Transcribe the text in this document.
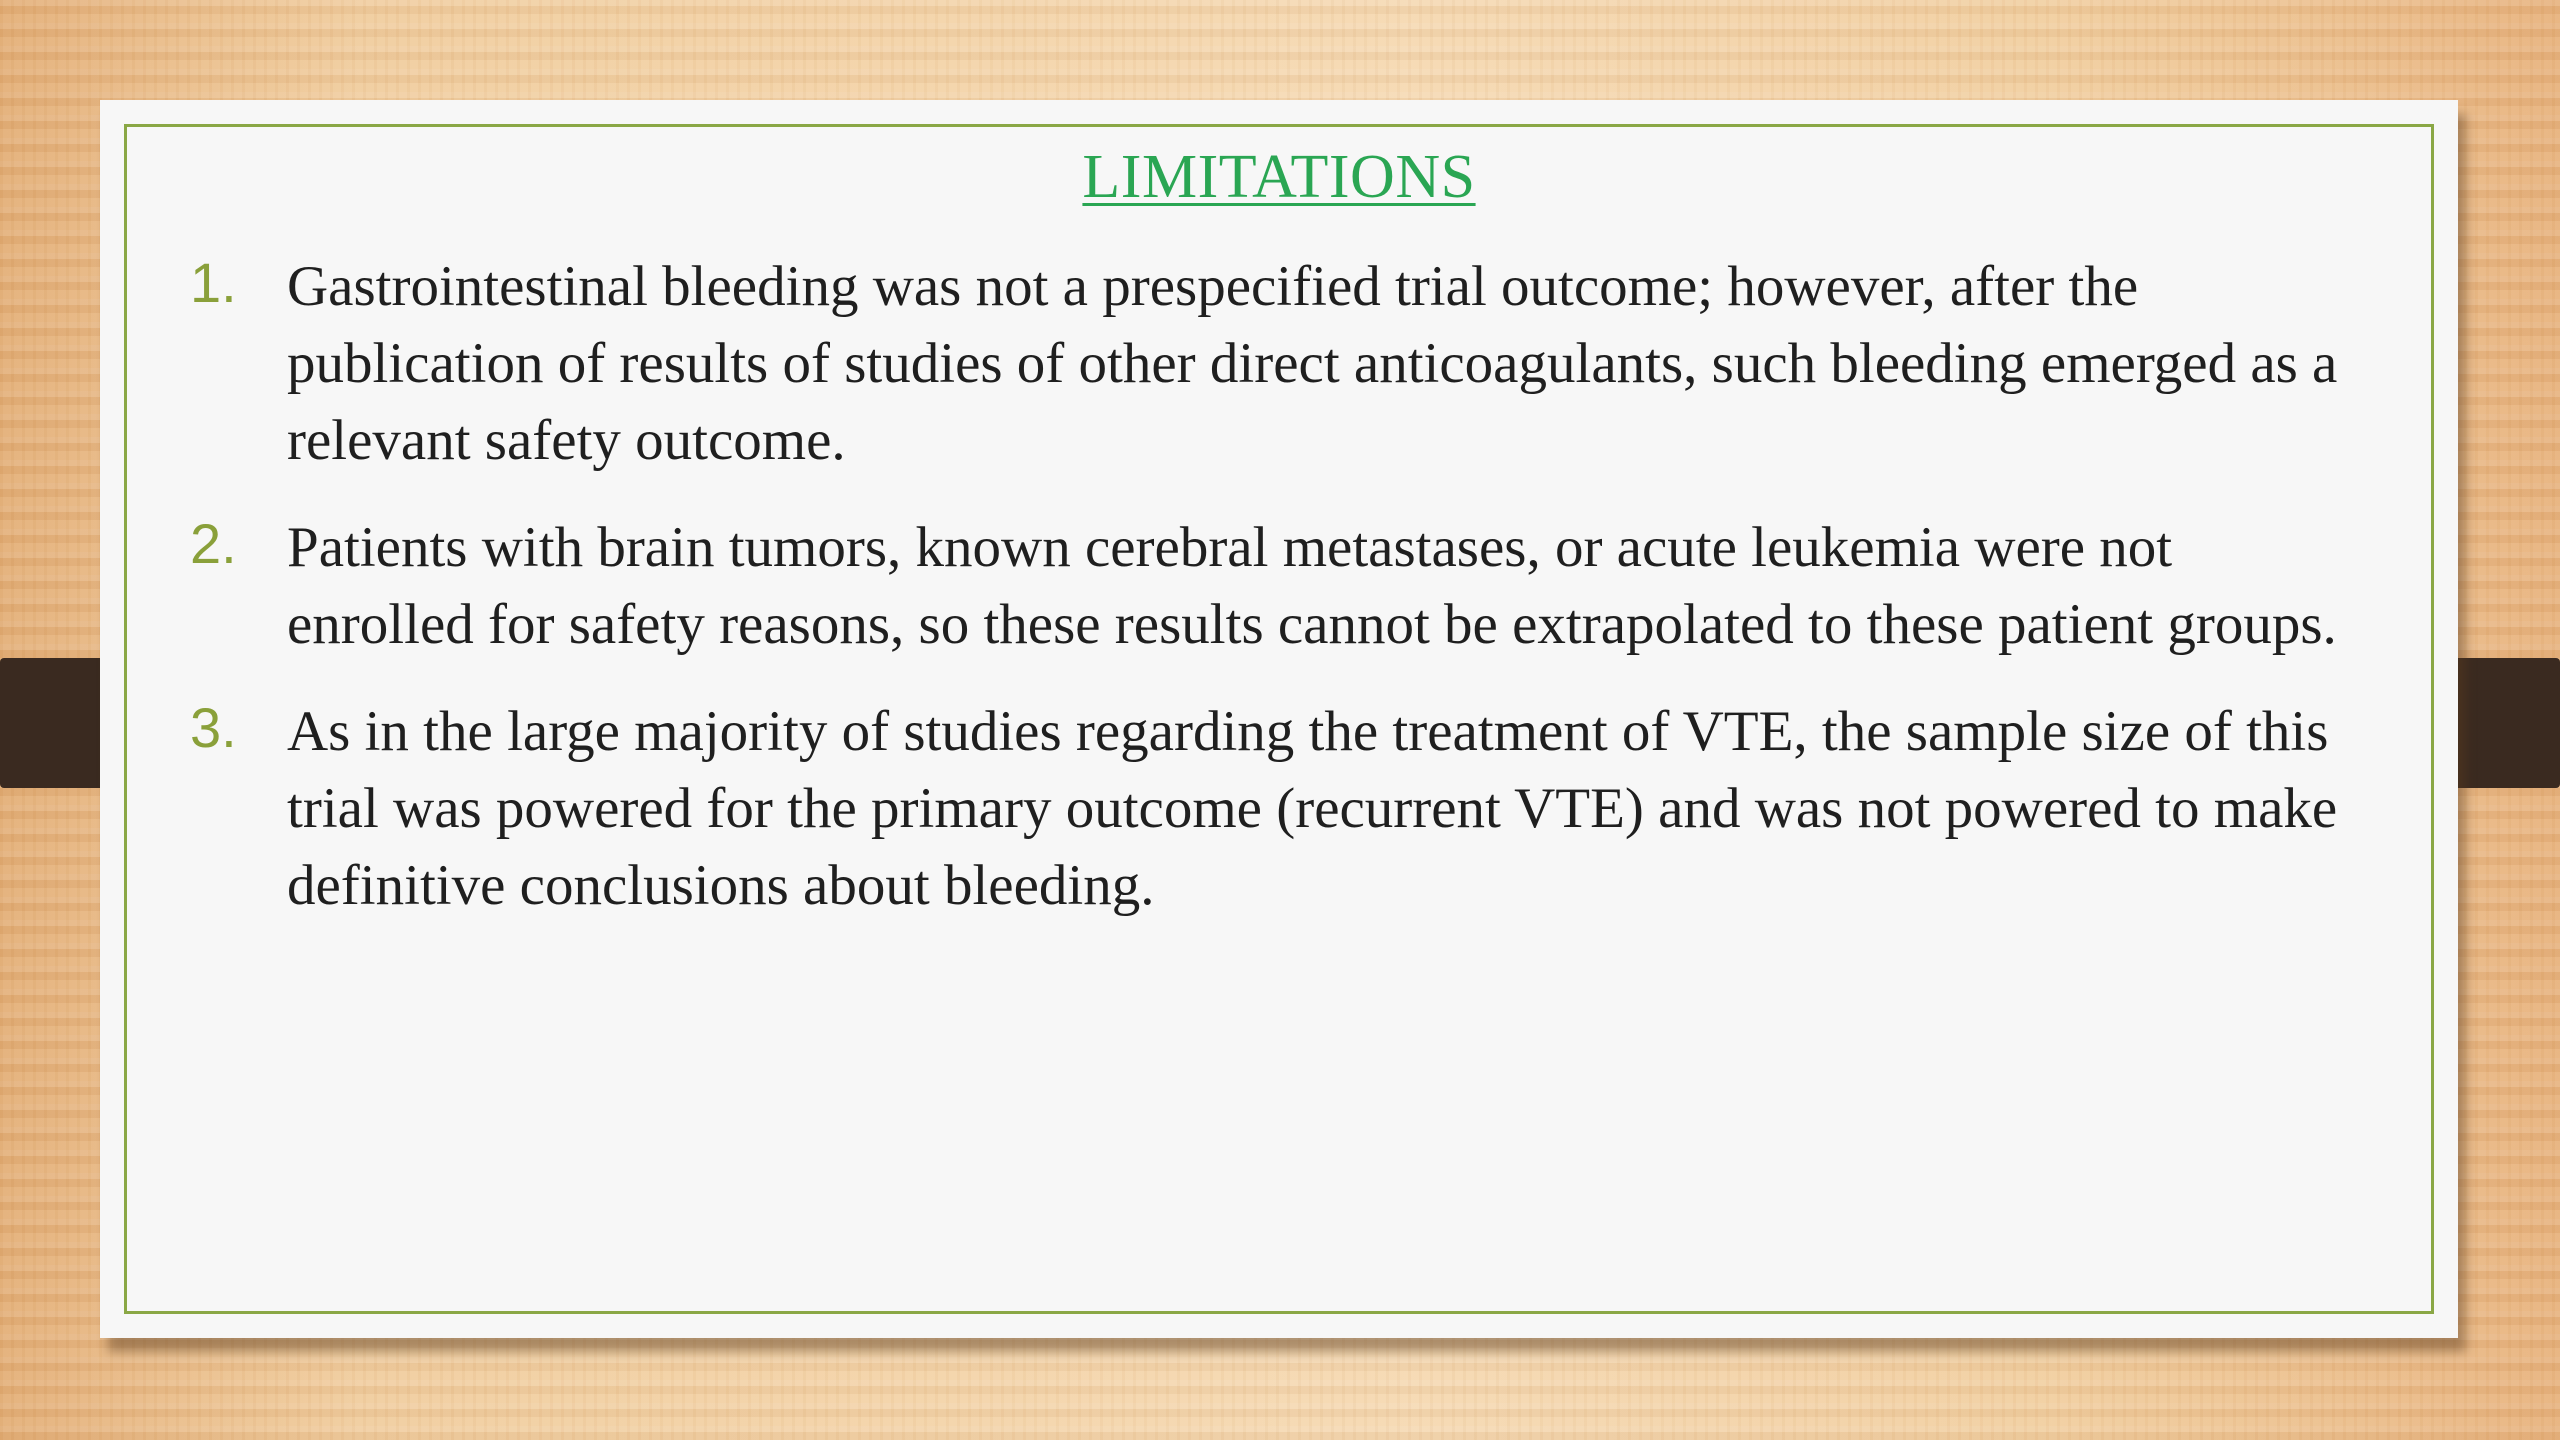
LIMITATIONS
1. Gastrointestinal bleeding was not a prespecified trial outcome; however, after the publication of results of studies of other direct anticoagulants, such bleeding emerged as a relevant safety outcome.
2. Patients with brain tumors, known cerebral metastases, or acute leukemia were not enrolled for safety reasons, so these results cannot be extrapolated to these patient groups.
3. As in the large majority of studies regarding the treatment of VTE, the sample size of this trial was powered for the primary outcome (recurrent VTE) and was not powered to make definitive conclusions about bleeding.
